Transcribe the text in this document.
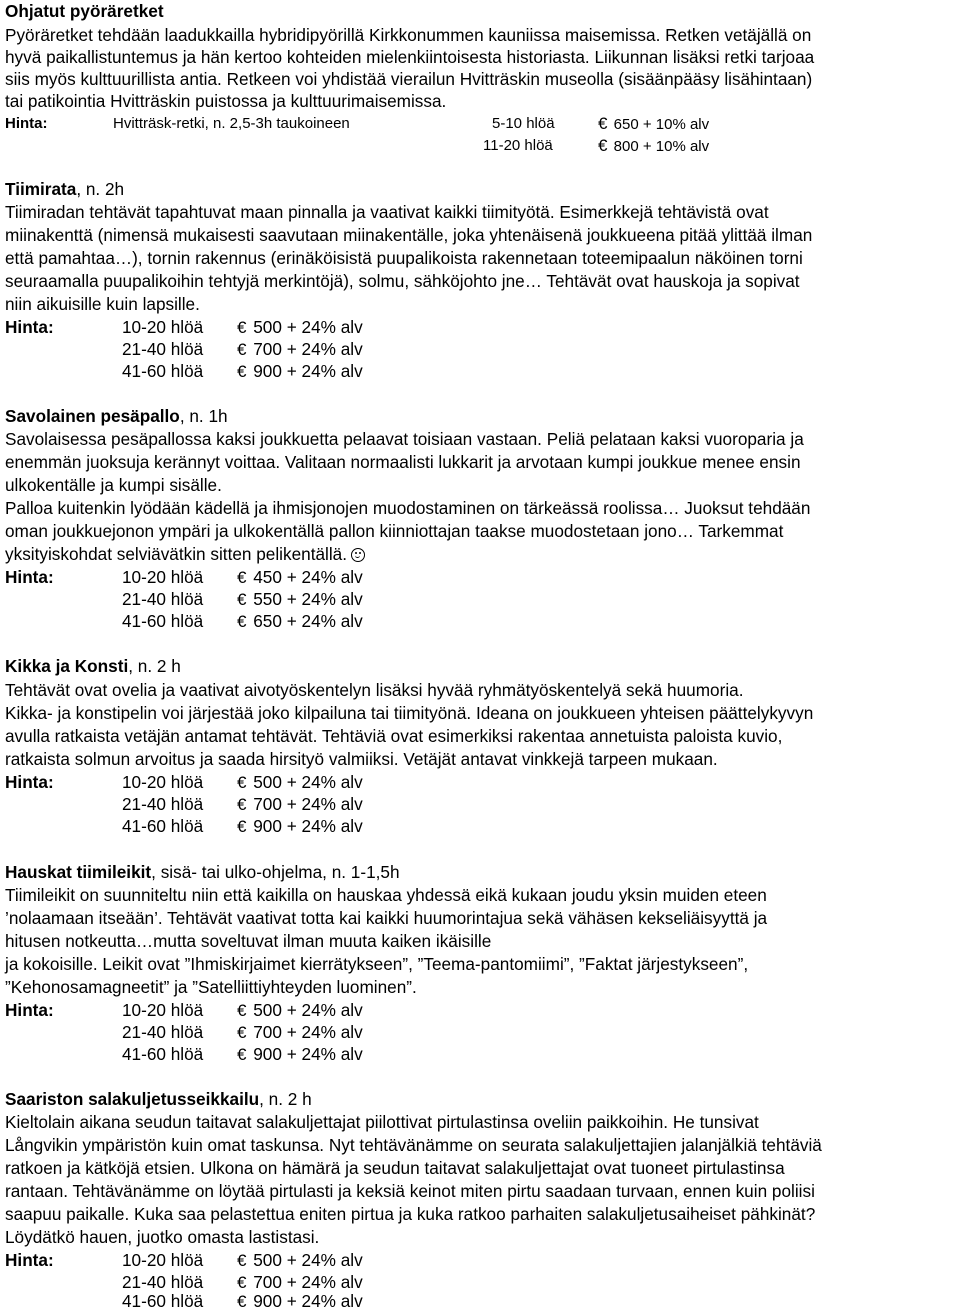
Ohjatut pyöräretket
Pyöräretket tehdään laadukkailla hybridipyörillä Kirkkonummen kauniissa maisemissa. Retken vetäjällä on
hyvä paikallistuntemus ja hän kertoo kohteiden mielenkiintoisesta historiasta. Liikunnan lisäksi retki tarjoaa
siis myös kulttuurillista antia. Retkeen voi yhdistää vierailun Hvitträskin museolla (sisäänpääsy lisähintaan)
tai patikointia Hvitträskin puistossa ja kulttuurimaisemissa.
Hinta:	Hvitträsk-retki, n. 2,5-3h taukoineen	5-10 hlöä	€ 650 + 10% alv
11-20 hlöä	€ 800 + 10% alv
Tiimirata, n. 2h
Tiimiradan tehtävät tapahtuvat maan pinnalla ja vaativat kaikki tiimityötä. Esimerkkejä tehtävistä ovat
miinakenttä (nimensä mukaisesti saavutaan miinakentälle, joka yhtenäisenä joukkueena pitää ylittää ilman
että pamahtaa…), tornin rakennus (erinäköisistä puupalikoista rakennetaan toteemipaalun näköinen torni
seuraamalla puupalikoihin tehtyjä merkintöjä), solmu, sähköjohto jne… Tehtävät ovat hauskoja ja sopivat
niin aikuisille kuin lapsille.
Hinta:	10-20 hlöä € 500 + 24% alv
21-40 hlöä € 700 + 24% alv
41-60 hlöä € 900 + 24% alv
Savolainen pesäpallo, n. 1h
Savolaisessa pesäpallossa kaksi joukkuetta pelaavat toisiaan vastaan. Peliä pelataan kaksi vuoroparia ja
enemmän juoksuja kerännyt voittaa. Valitaan normaalisti lukkarit ja arvotaan kumpi joukkue menee ensin
ulkokentälle ja kumpi sisälle.
Palloa kuitenkin lyödään kädellä ja ihmisjonojen muodostaminen on tärkeässä roolissa… Juoksut tehdään
oman joukkuejonon ympäri ja ulkokentällä pallon kiinniottajan taakse muodostetaan jono… Tarkemmat
yksityiskohdat selviävätkin sitten pelikentällä.
Hinta:	10-20 hlöä € 450 + 24% alv
21-40 hlöä € 550 + 24% alv
41-60 hlöä € 650 + 24% alv
Kikka ja Konsti, n. 2 h
Tehtävät ovat ovelia ja vaativat aivotyöskentelyn lisäksi hyvää ryhmätyöskentelyä sekä huumoria.
Kikka- ja konstipelin voi järjestää joko kilpailuna tai tiimityönä. Ideana on joukkueen yhteisen päättelykyvyn
avulla ratkaista vetäjän antamat tehtävät. Tehtäviä ovat esimerkiksi rakentaa annetuista paloista kuvio,
ratkaista solmun arvoitus ja saada hirsityö valmiiksi. Vetäjät antavat vinkkejä tarpeen mukaan.
Hinta:	10-20 hlöä € 500 + 24% alv
21-40 hlöä € 700 + 24% alv
41-60 hlöä € 900 + 24% alv
Hauskat tiimileikit, sisä- tai ulko-ohjelma, n. 1-1,5h
Tiimileikit on suunniteltu niin että kaikilla on hauskaa yhdessä eikä kukaan joudu yksin muiden eteen
’nolaamaan itseään’. Tehtävät vaativat totta kai kaikki huumorintajua sekä vähäsen kekseliäisyyttä ja
hitusen notkeutta…mutta soveltuvat ilman muuta kaiken ikäisille
ja kokoisille. Leikit ovat ”Ihmiskirjaimet kierrätykseen”, ”Teema-pantomiimi”, ”Faktat järjestykseen”,
”Kehonosamagneetit” ja ”Satelliittiyhteyden luominen”.
Hinta:	10-20 hlöä € 500 + 24% alv
21-40 hlöä € 700 + 24% alv
41-60 hlöä € 900 + 24% alv
Saariston salakuljetusseikkailu, n. 2 h
Kieltolain aikana seudun taitavat salakuljettajat piilottivat pirtulastinsa oveliin paikkoihin. He tunsivat
Långvikin ympäristön kuin omat taskunsa. Nyt tehtävänämme on seurata salakuljettajien jalanjälkiä tehtäviä
ratkoen ja kätköjä etsien. Ulkona on hämärä ja seudun taitavat salakuljettajat ovat tuoneet pirtulastinsa
rantaan. Tehtävänämme on löytää pirtulasti ja keksiä keinot miten pirtu saadaan turvaan, ennen kuin poliisi
saapuu paikalle. Kuka saa pelastettua eniten pirtua ja kuka ratkoo parhaiten salakuljetusaiheiset pähkinät?
Löydätkö hauen, juotko omasta lastistasi.
Hinta:	10-20 hlöä € 500 + 24% alv
21-40 hlöä € 700 + 24% alv
41-60 hlöä € 900 + 24% alv
